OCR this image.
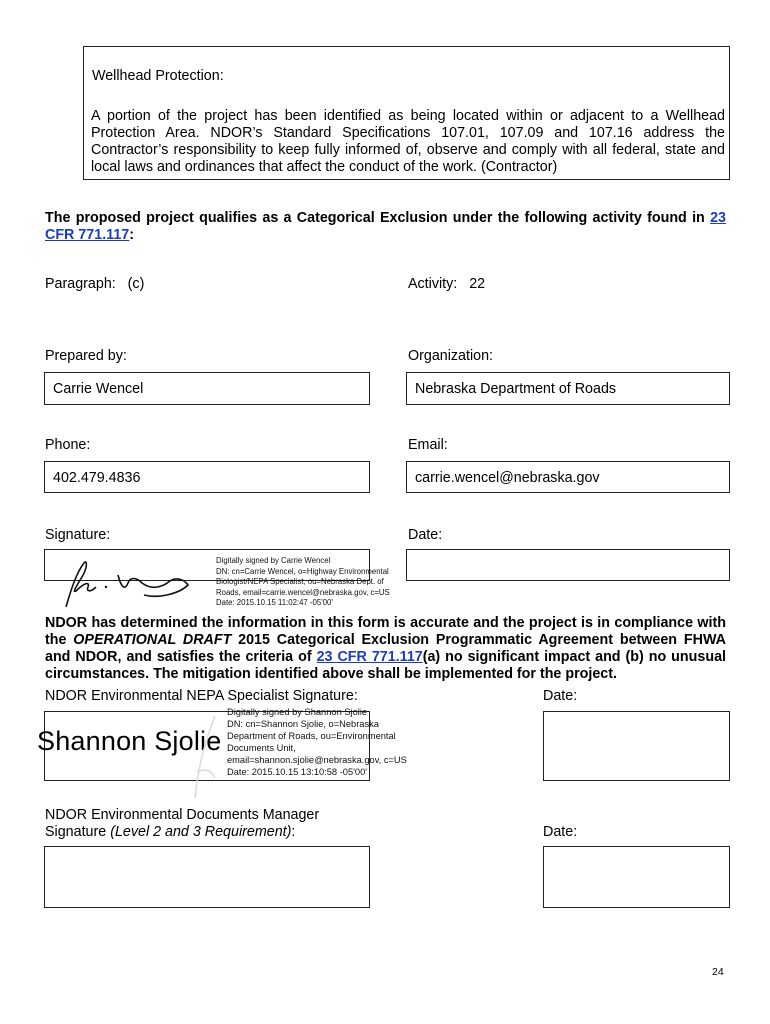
Wellhead Protection:
A portion of the project has been identified as being located within or adjacent to a Wellhead Protection Area. NDOR’s Standard Specifications 107.01, 107.09 and 107.16 address the Contractor’s responsibility to keep fully informed of, observe and comply with all federal, state and local laws and ordinances that affect the conduct of the work. (Contractor)
The proposed project qualifies as a Categorical Exclusion under the following activity found in 23 CFR 771.117:
Paragraph: (c)	Activity: 22
Prepared by:
Carrie Wencel
Organization:
Nebraska Department of Roads
Phone:
402.479.4836
Email:
carrie.wencel@nebraska.gov
Signature:
Digitally signed by Carrie Wencel
DN: cn=Carrie Wencel, o=Highway Environmental
Biologist/NEPA Specialist, ou=Nebraska Dept. of
Roads, email=carrie.wencel@nebraska.gov, c=US
Date: 2015.10.15 11:02:47 -05'00'
Date:
NDOR has determined the information in this form is accurate and the project is in compliance with the OPERATIONAL DRAFT 2015 Categorical Exclusion Programmatic Agreement between FHWA and NDOR, and satisfies the criteria of 23 CFR 771.117(a) no significant impact and (b) no unusual circumstances. The mitigation identified above shall be implemented for the project.
NDOR Environmental NEPA Specialist Signature:	Date:
Shannon Sjolie
Digitally signed by Shannon Sjolie
DN: cn=Shannon Sjolie, o=Nebraska
Department of Roads, ou=Environmental
Documents Unit,
email=shannon.sjolie@nebraska.gov, c=US
Date: 2015.10.15 13:10:58 -05'00'
NDOR Environmental Documents Manager
Signature (Level 2 and 3 Requirement):	Date:
24
